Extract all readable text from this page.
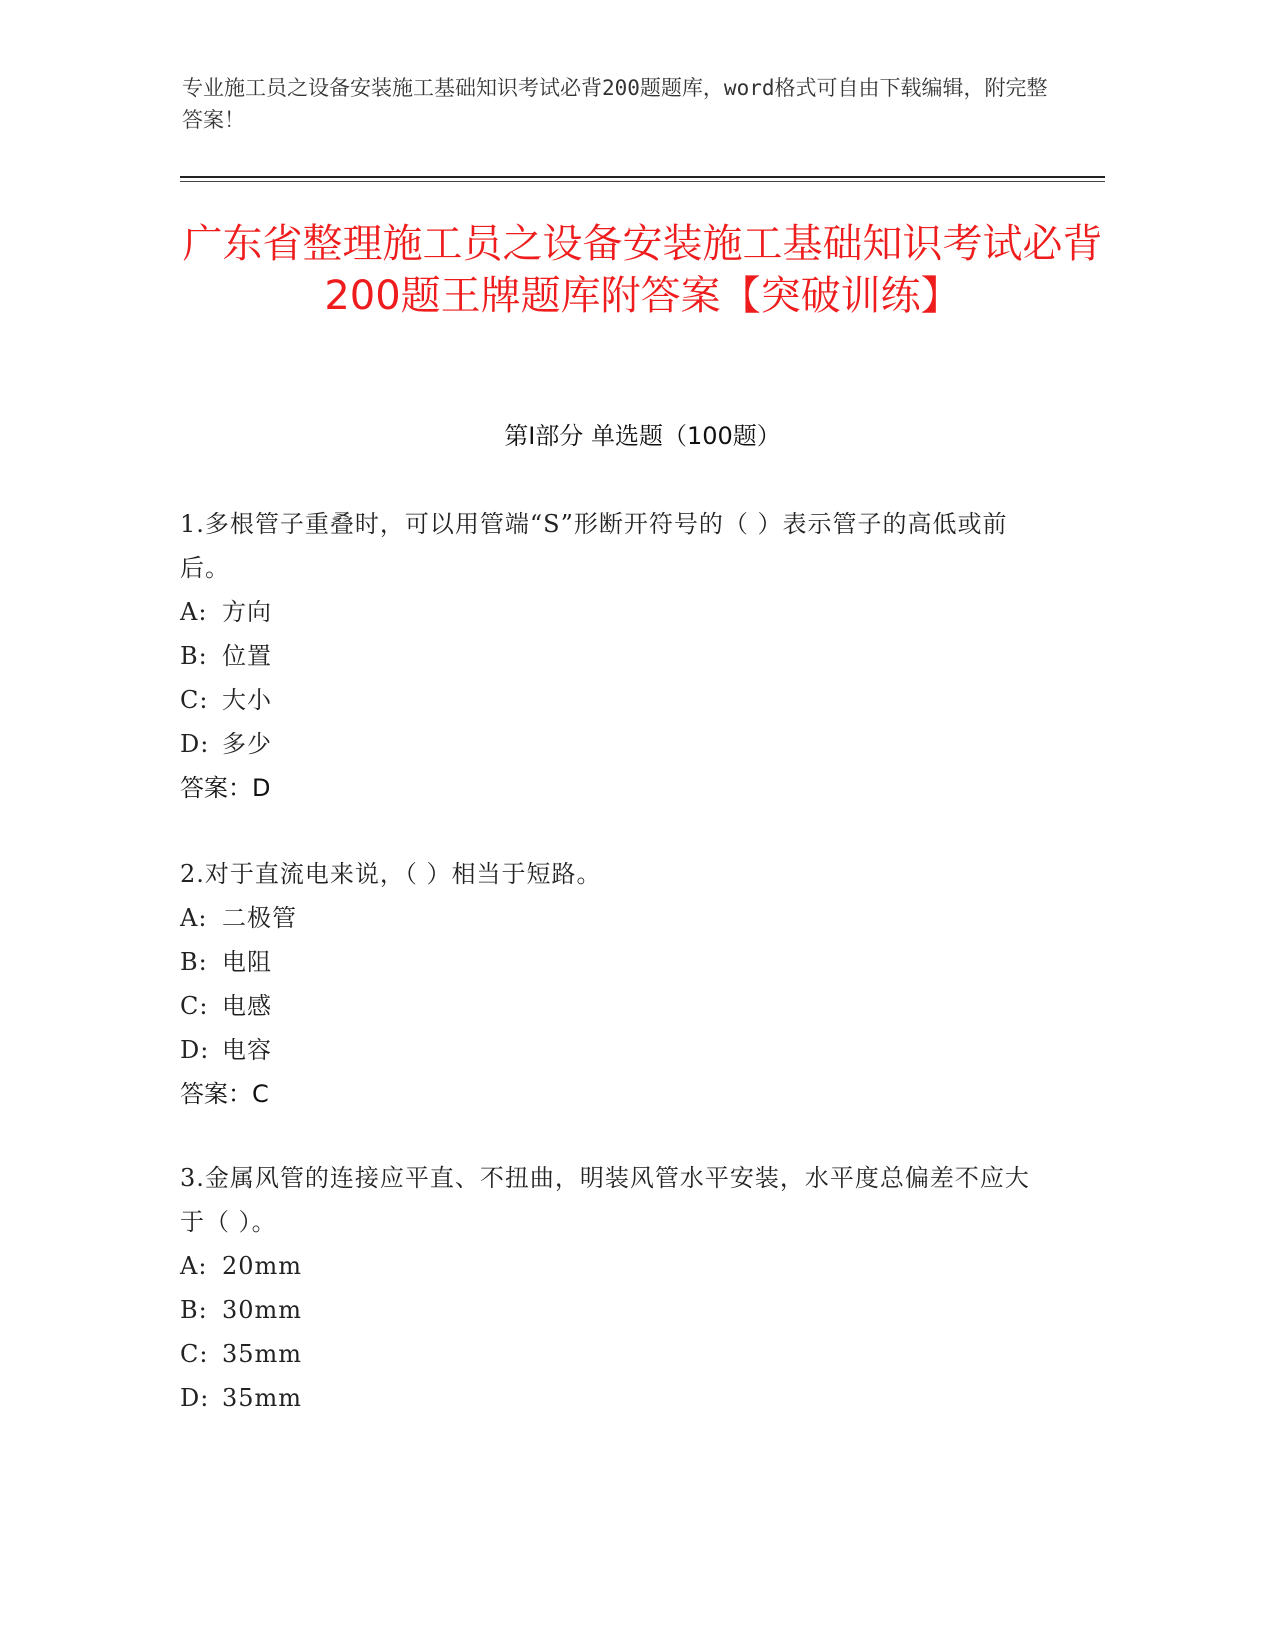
专业施工员之设备安装施工基础知识考试必背200题题库，word格式可自由下载编辑，附完整答案！
广东省整理施工员之设备安装施工基础知识考试必背200题王牌题库附答案【突破训练】
第I部分 单选题（100题）

1.多根管子重叠时，可以用管端“S”形断开符号的（ ）表示管子的高低或前后。

A: 方向

B: 位置

C: 大小

D: 多少

答案：D

2.对于直流电来说，（ ）相当于短路。

A: 二极管

B: 电阻

C: 电感

D: 电容

答案：C

3.金属风管的连接应平直、不扭曲，明装风管水平安装，水平度总偏差不应大于（ ）。

A: 20mm

B: 30mm

C: 35mm

D: 35mm
